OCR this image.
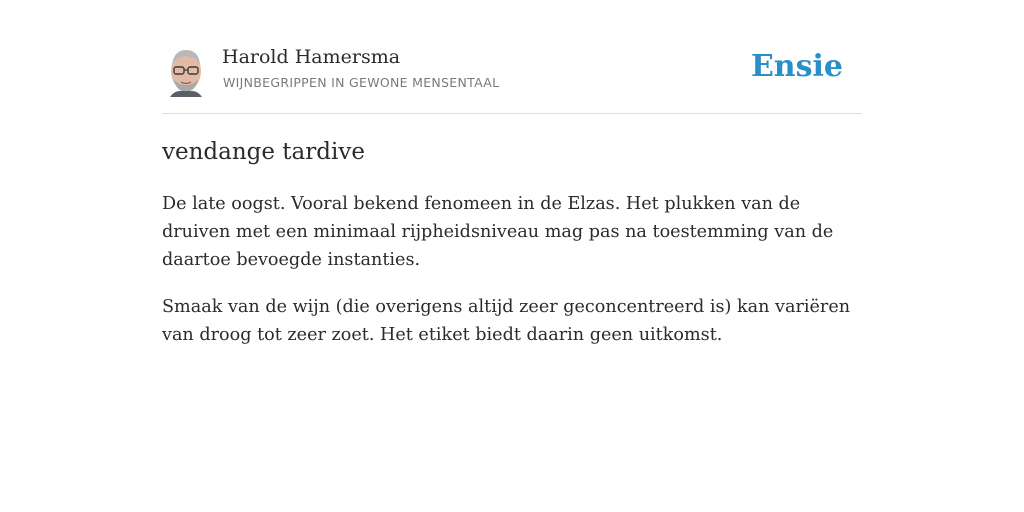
Harold Hamersma
WIJNBEGRIPPEN IN GEWONE MENSENTAAL	Ensie
vendange tardive

De late oogst. Vooral bekend fenomeen in de Elzas. Het plukken van de druiven met een minimaal rijpheidsniveau mag pas na toestemming van de daartoe bevoegde instanties.

Smaak van de wijn (die overigens altijd zeer geconcentreerd is) kan variëren van droog tot zeer zoet. Het etiket biedt daarin geen uitkomst.
